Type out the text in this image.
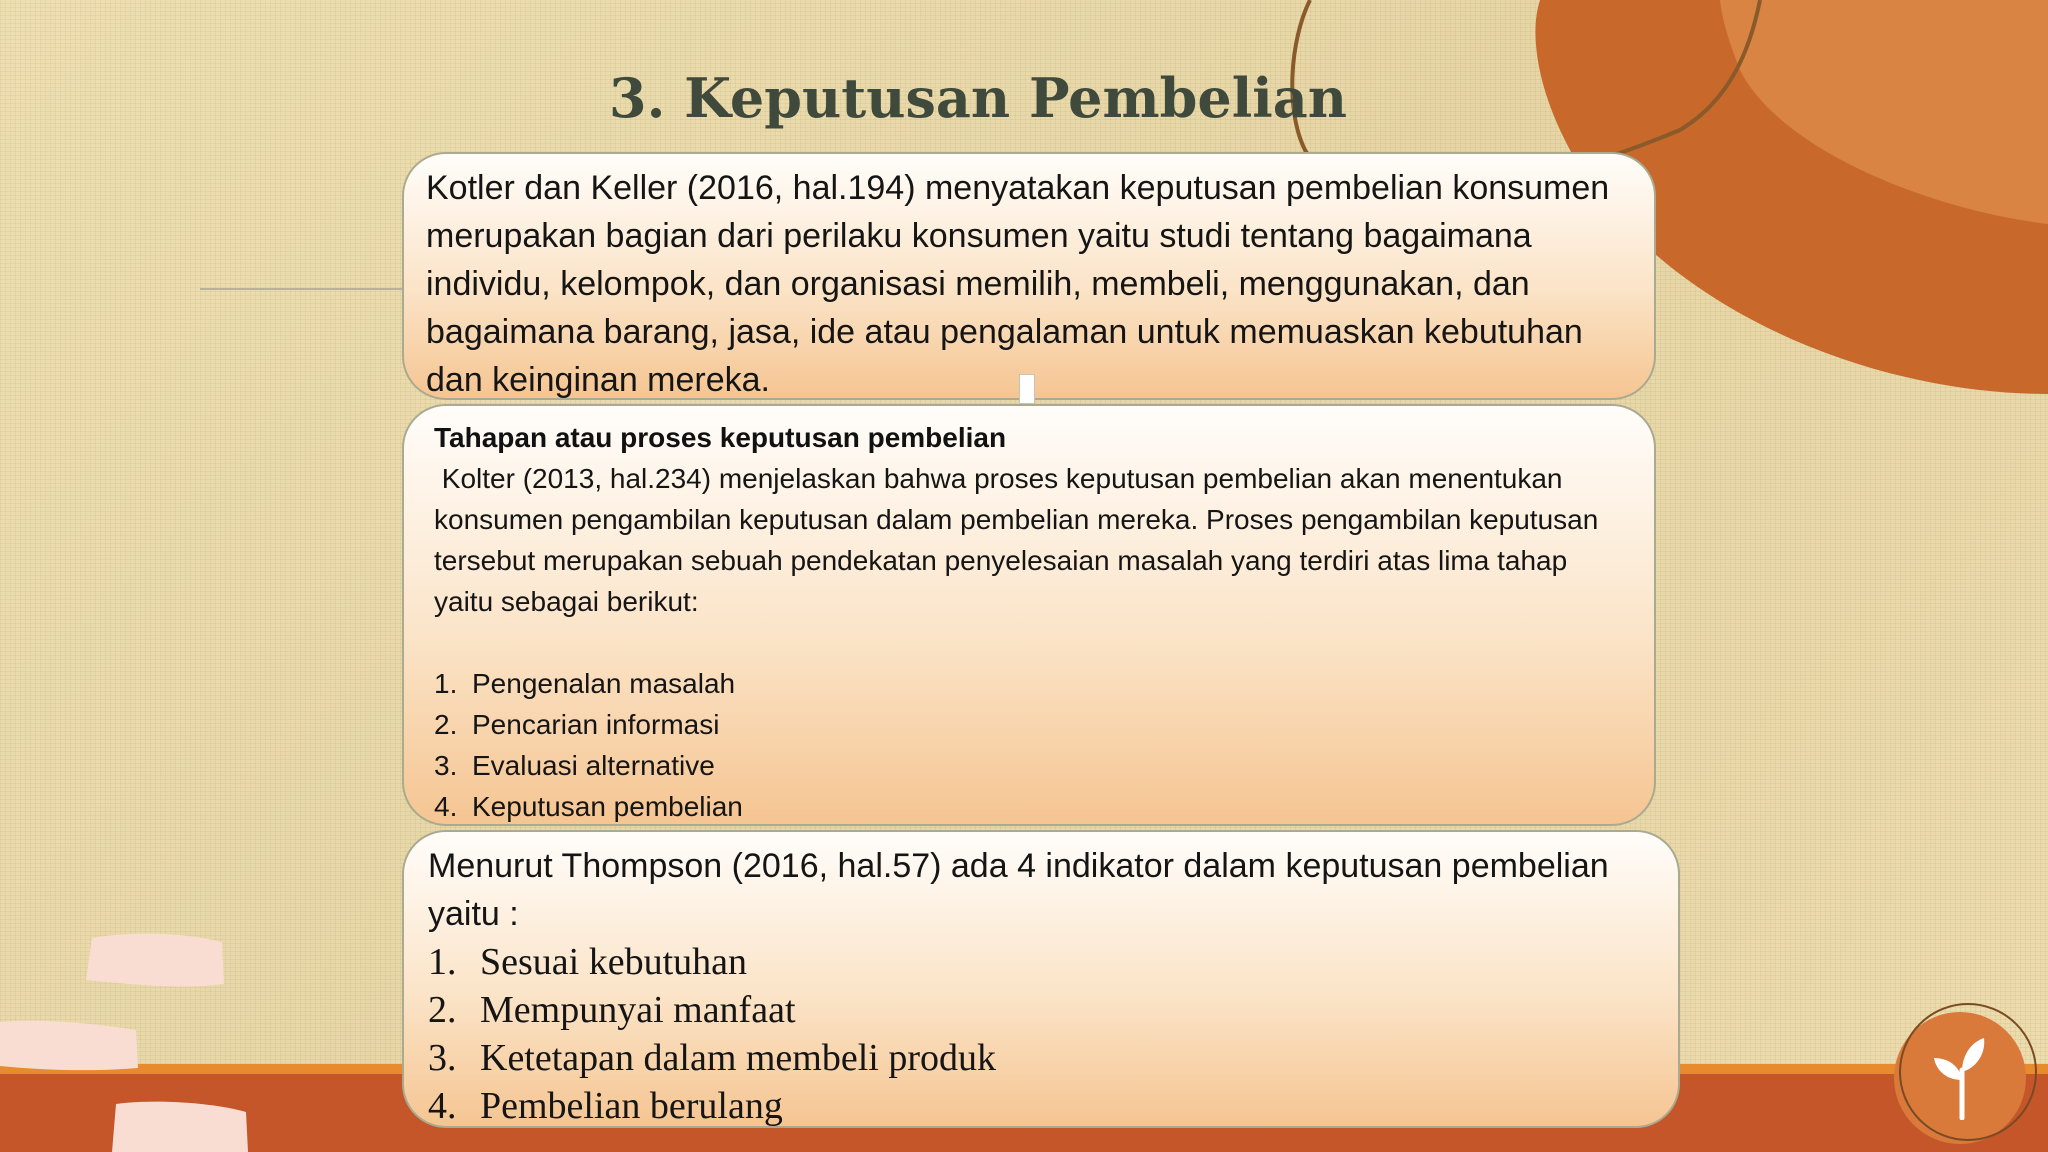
3. Keputusan Pembelian

Kotler dan Keller (2016, hal.194) menyatakan keputusan pembelian konsumen merupakan bagian dari perilaku konsumen yaitu studi tentang bagaimana individu, kelompok, dan organisasi memilih, membeli, menggunakan, dan bagaimana barang, jasa, ide atau pengalaman untuk memuaskan kebutuhan dan keinginan mereka.

Tahapan atau proses keputusan pembelian

Kolter (2013, hal.234) menjelaskan bahwa proses keputusan pembelian akan menentukan konsumen pengambilan keputusan dalam pembelian mereka. Proses pengambilan keputusan tersebut merupakan sebuah pendekatan penyelesaian masalah yang terdiri atas lima tahap yaitu sebagai berikut:

1. Pengenalan masalah
2. Pencarian informasi
3. Evaluasi alternative
4. Keputusan pembelian

Menurut Thompson (2016, hal.57) ada 4 indikator dalam keputusan pembelian yaitu :

1. Sesuai kebutuhan
2. Mempunyai manfaat
3. Ketetapan dalam membeli produk
4. Pembelian berulang
